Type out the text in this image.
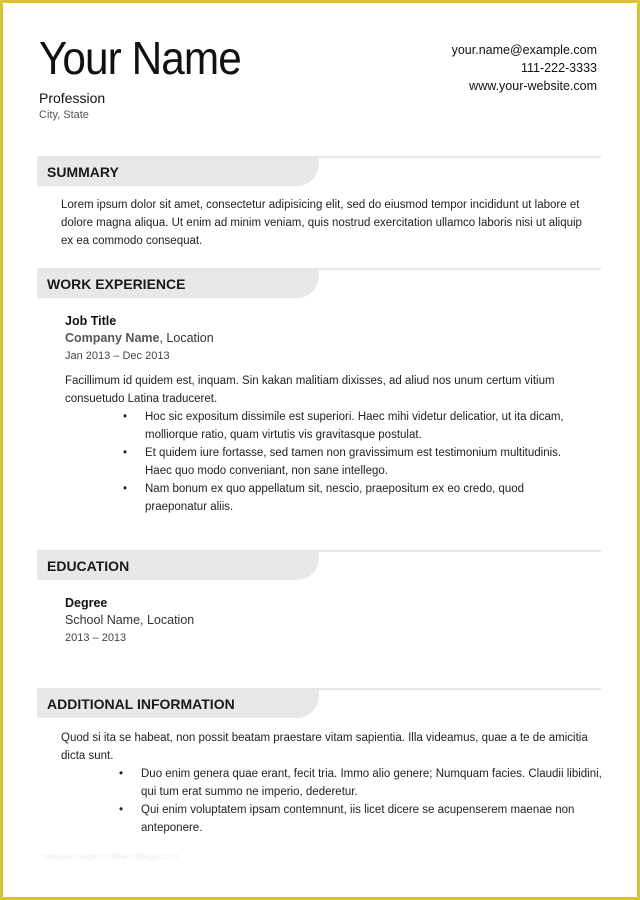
Your Name
Profession
City, State
your.name@example.com
111-222-3333
www.your-website.com
SUMMARY
Lorem ipsum dolor sit amet, consectetur adipisicing elit, sed do eiusmod tempor incididunt ut labore et dolore magna aliqua. Ut enim ad minim veniam, quis nostrud exercitation ullamco laboris nisi ut aliquip ex ea commodo consequat.
WORK EXPERIENCE
Job Title
Company Name, Location
Jan 2013 – Dec 2013
Facillimum id quidem est, inquam. Sin kakan malitiam dixisses, ad aliud nos unum certum vitium consuetudo Latina traduceret.
• Hoc sic expositum dissimile est superiori. Haec mihi videtur delicatior, ut ita dicam, molliorque ratio, quam virtutis vis gravitasque postulat.
• Et quidem iure fortasse, sed tamen non gravissimum est testimonium multitudinis. Haec quo modo conveniant, non sane intellego.
• Nam bonum ex quo appellatum sit, nescio, praepositum ex eo credo, quod praeponatur aliis.
EDUCATION
Degree
School Name, Location
2013 – 2013
ADDITIONAL INFORMATION
Quod si ita se habeat, non possit beatam praestare vitam sapientia. Illa videamus, quae a te de amicitia dicta sunt.
• Duo enim genera quae erant, fecit tria. Immo alio genere; Numquam facies. Claudii libidini, qui tum erat summo ne imperio, dederetur.
• Qui enim voluptatem ipsam contemnunt, iis licet dicere se acupenserem maenae non anteponere.
www.heritagechristiancollege.com
